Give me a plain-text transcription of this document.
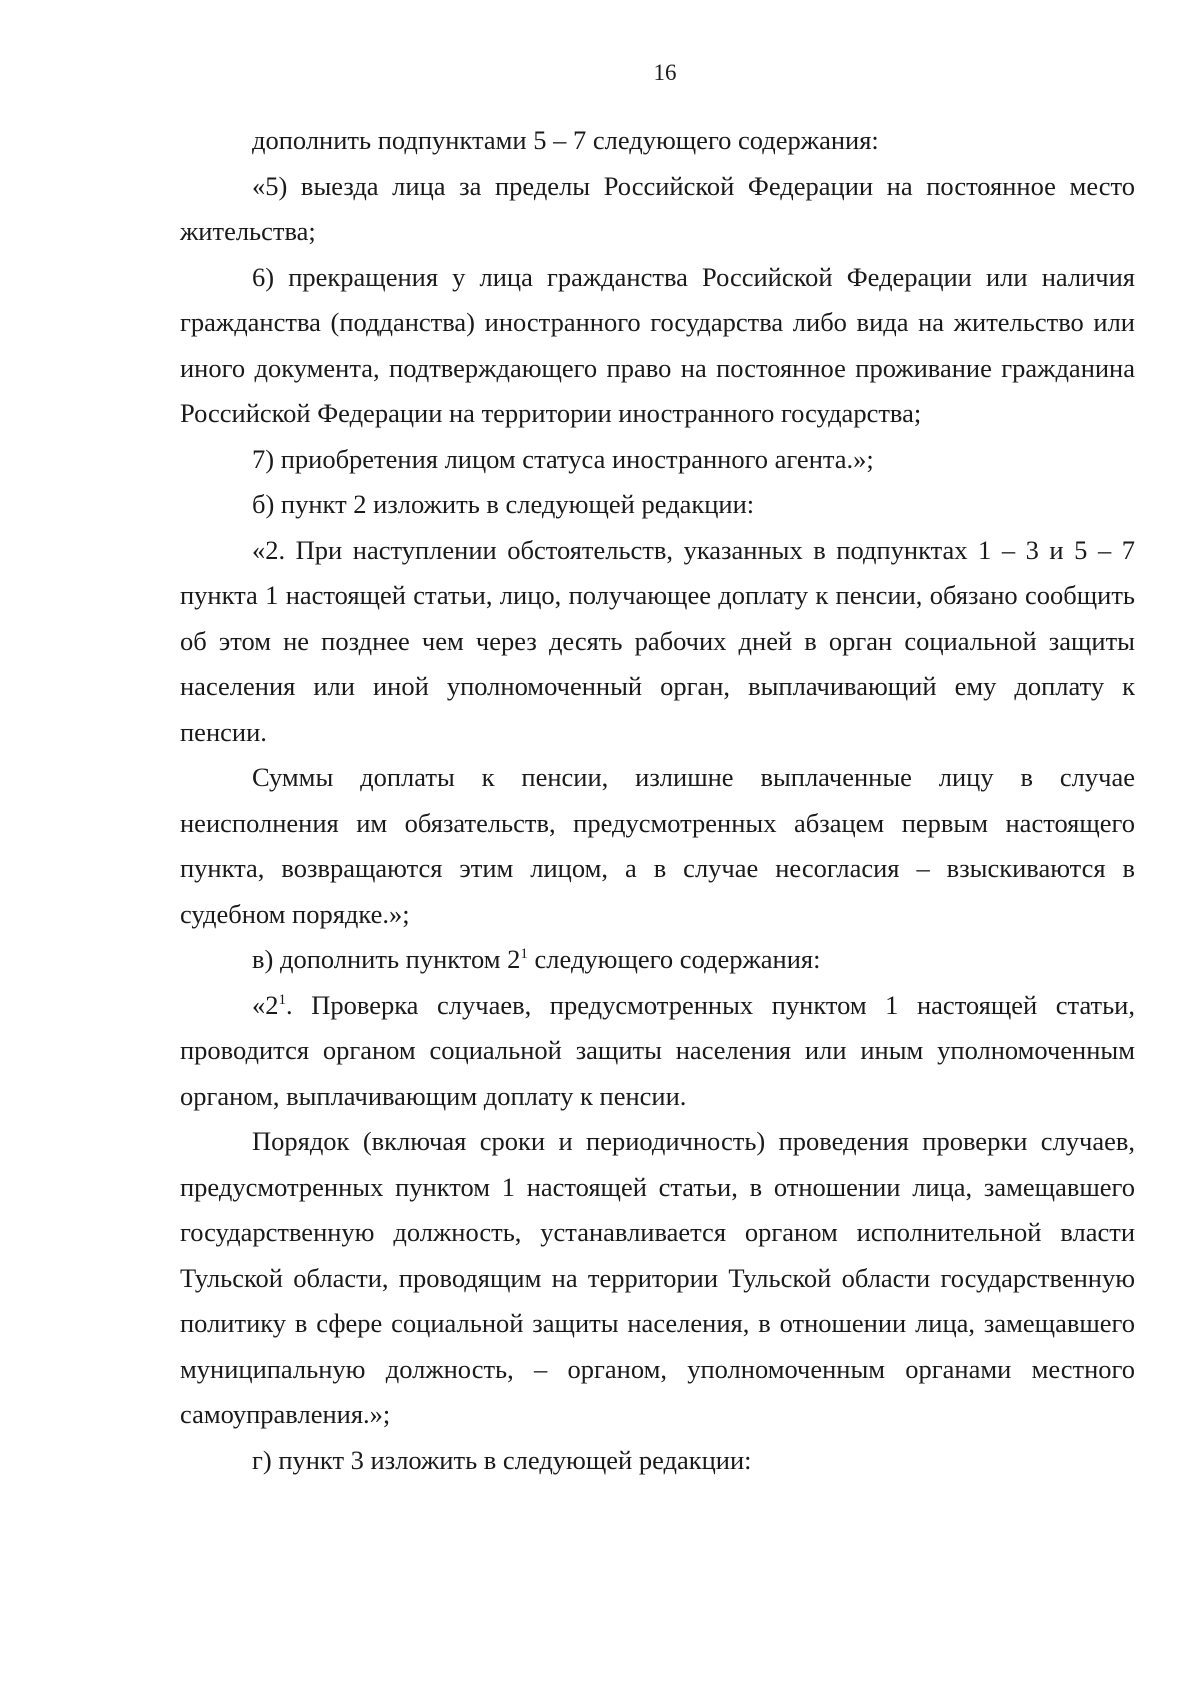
16

дополнить подпунктами 5 – 7 следующего содержания:

«5) выезда лица за пределы Российской Федерации на постоянное место жительства;

6) прекращения у лица гражданства Российской Федерации или наличия гражданства (подданства) иностранного государства либо вида на жительство или иного документа, подтверждающего право на постоянное проживание гражданина Российской Федерации на территории иностранного государства;

7) приобретения лицом статуса иностранного агента.»;

б) пункт 2 изложить в следующей редакции:

«2. При наступлении обстоятельств, указанных в подпунктах 1 – 3 и 5 – 7 пункта 1 настоящей статьи, лицо, получающее доплату к пенсии, обязано сообщить об этом не позднее чем через десять рабочих дней в орган социальной защиты населения или иной уполномоченный орган, выплачивающий ему доплату к пенсии.

Суммы доплаты к пенсии, излишне выплаченные лицу в случае неисполнения им обязательств, предусмотренных абзацем первым настоящего пункта, возвращаются этим лицом, а в случае несогласия – взыскиваются в судебном порядке.»;

в) дополнить пунктом $2^1$ следующего содержания:

«$2^1$. Проверка случаев, предусмотренных пунктом 1 настоящей статьи, проводится органом социальной защиты населения или иным уполномоченным органом, выплачивающим доплату к пенсии.

Порядок (включая сроки и периодичность) проведения проверки случаев, предусмотренных пунктом 1 настоящей статьи, в отношении лица, замещавшего государственную должность, устанавливается органом исполнительной власти Тульской области, проводящим на территории Тульской области государственную политику в сфере социальной защиты населения, в отношении лица, замещавшего муниципальную должность, – органом, уполномоченным органами местного самоуправления.»;

г) пункт 3 изложить в следующей редакции:
